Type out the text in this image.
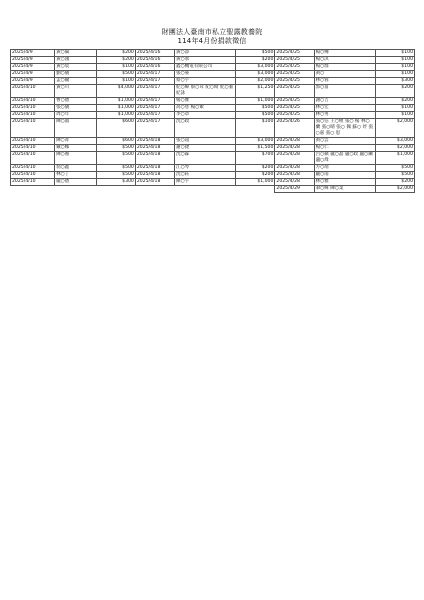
財團法人臺南市私立聖露教養院
114年4月份捐款徵信
2025/4/9	黃○倫	$200	2025/4/16	黃○添	$500	2025/4/25	楊○傳	$100
2025/4/9	黃○鴻	$200	2025/4/16	黃○承	$200	2025/4/25	楊○淇	$100
2025/4/9	黃○宸	$100	2025/4/16	鑫○機電有限公司	$3,000	2025/4/25	楊○群	$100
2025/4/9	劉○儀	$500	2025/4/17	張○豪	$3,000	2025/4/25	黃○	$100
2025/4/9	孟○毓	$100	2025/4/17	蔡○宇	$2,000	2025/4/25	林○蓉	$300
2025/4/10	黃○川	$4,000	2025/4/17	紀○緯 蔡○茸 紀○綺 紀○蓁 紀詠	$1,250	2025/4/25	郭○富	$200
2025/4/10	曹○德	$1,000	2025/4/17	楊○雅	$1,000	2025/4/25	謝○吉	$200
2025/4/10	張○儀	$1,000	2025/4/17	高○慈 楊○縈	$500	2025/4/25	林○宏	$100
2025/4/10	周○年	$1,000	2025/4/17	李○章	$500	2025/4/25	林○男	$100
2025/4/10	陳○淑	$600	2025/4/17	沈○政	$100	2025/4/26	張○信 王○楨 張○ 楊 林○蘭 張○晴 張○ 佩 蘇○ 妤 張○嘉 張○ 思	$2,000
2025/4/10	陳○菁	$600	2025/4/18	張○超	$3,000	2025/4/28	黃○雲	$3,000
2025/4/10	戴○娜	$500	2025/4/18	謝○捷	$1,500	2025/4/28	楊○仁	$2,000
2025/4/10	陳○養	$500	2025/4/18	沈○霖	$700	2025/4/28	呂○蘋 盧○晶 盧○政 盧○鋼 盧○烽	$1,000
2025/4/10	翁○鑫	$500	2025/4/18	江○琴	$200	2025/4/28	方○靖	$500
2025/4/10	林○丁	$500	2025/4/18	沈○鈺	$200	2025/4/28	龐○南	$500
2025/4/10	龐○德	$300	2025/4/18	陳○宇	$1,000	2025/4/28	林○雅	$200
						2025/4/29	筆○緯 陳○業	$2,000
